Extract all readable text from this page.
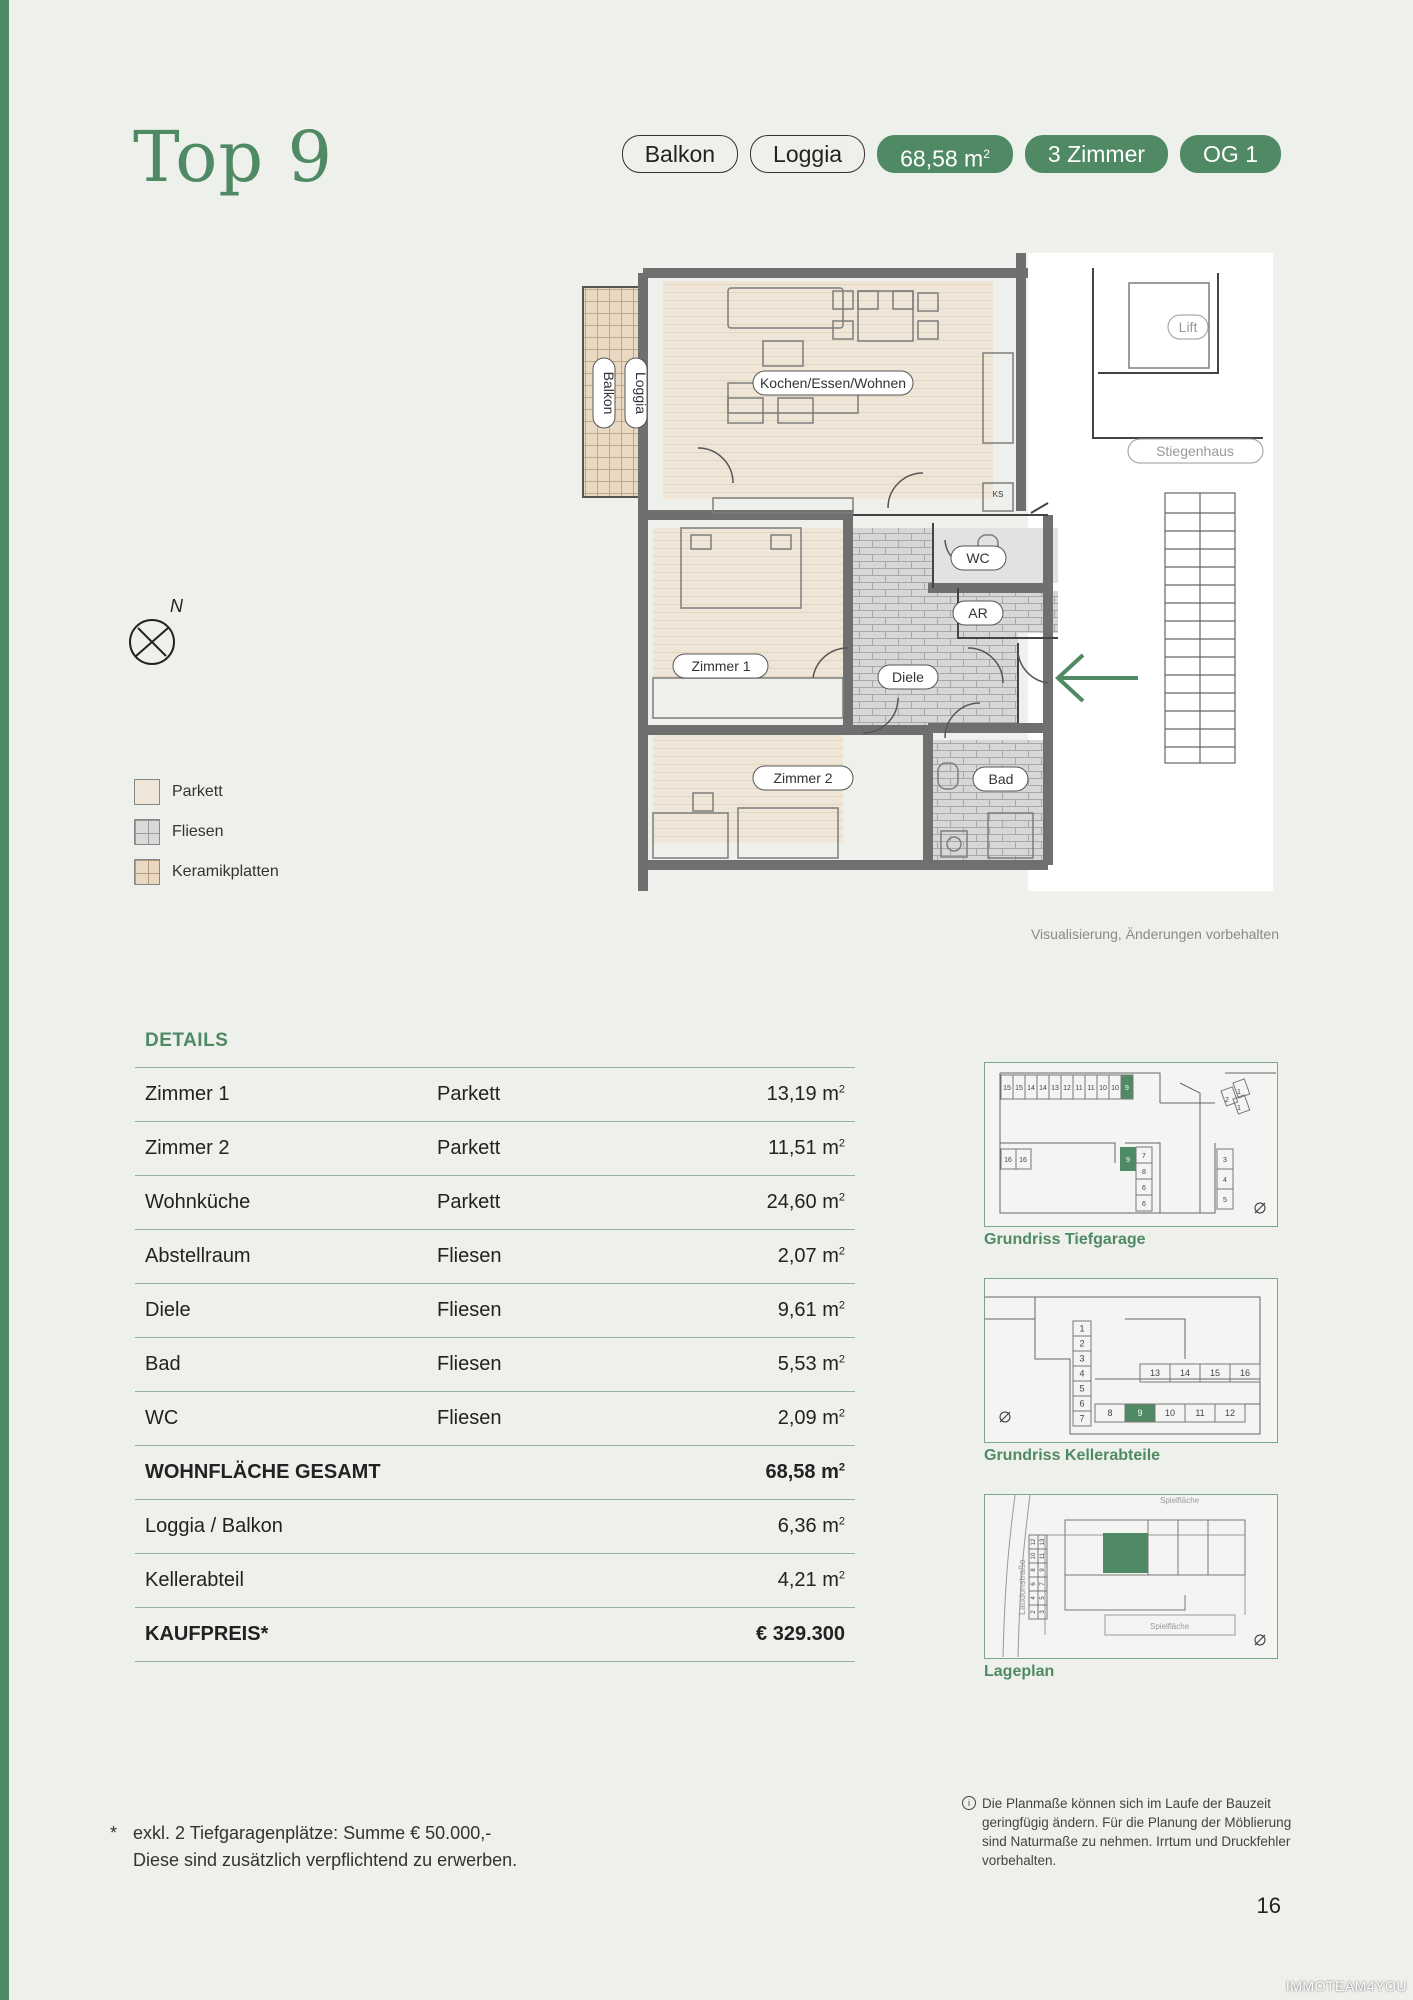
Top 9	Balkon	Loggia	68,58 $m^2$	3 Zimmer	OG 1
Kochen/Essen/Wohnen
Balkon Loggia
Zimmer 1
Zimmer 2
Diele
WC
AR
Bad
Lift
Stiegenhaus
KS
N
Parkett
Fliesen
Keramikplatten
Visualisierung, Änderungen vorbehalten
DETAILS
Zimmer 1	Parkett	13,19 $m^2$
Zimmer 2	Parkett	11,51 $m^2$
Wohnküche	Parkett	24,60 $m^2$
Abstellraum	Fliesen	2,07 $m^2$
Diele	Fliesen	9,61 $m^2$
Bad	Fliesen	5,53 $m^2$
WC	Fliesen	2,09 $m^2$
WOHNFLÄCHE GESAMT		68,58 $m^2$
Loggia / Balkon		6,36 $m^2$
Kellerabteil		4,21 $m^2$
KAUFPREIS*		€ 329.300
15 15 14 14 13 12 11 11 10 10 9
2
1
1
16 16	9
7
8
6
6
3
4
5
Grundriss Tiefgarage
13 14 15 16
8	9 10 11 12
1
2
3
4
5
6
7
Grundriss Kellerabteile
12 13
10 11
8 9
6 7
4 5
2 3
Laudonstraße
Spielfläche
Spielfläche
Lageplan
* exkl. 2 Tiefgaragenplätze: Summe € 50.000,-
Diese sind zusätzlich verpflichtend zu erwerben.
i Die Planmaße können sich im Laufe der Bauzeit geringfügig ändern. Für die Planung der Möblierung sind Naturmaße zu nehmen. Irrtum und Druckfehler vorbehalten.
16
IMMOTEAM4YOU
